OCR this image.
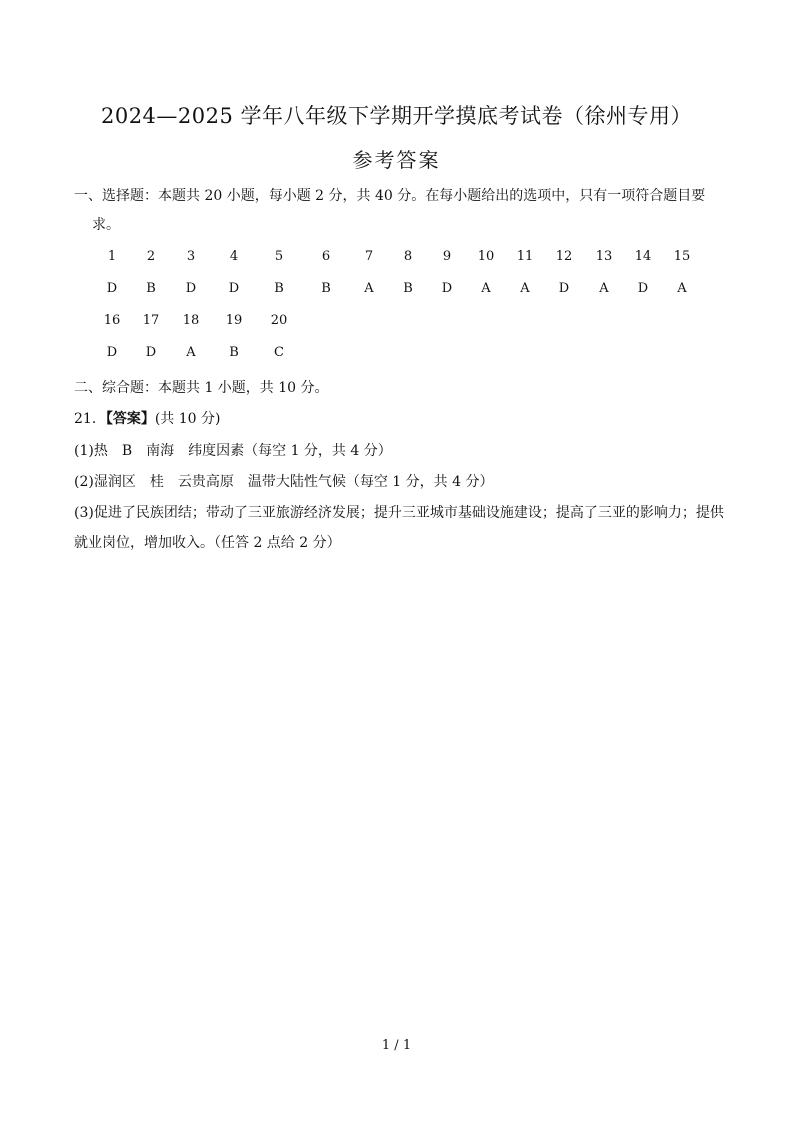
2024—2025 学年八年级下学期开学摸底考试卷（徐州专用）
参考答案
一、选择题：本题共 20 小题，每小题 2 分，共 40 分。在每小题给出的选项中，只有一项符合题目要
求。
1	2	3	4	5	6	7	8	9	10	11	12	13	14	15
D	B	D	D	B	B	A	B	D	A	A	D	A	D	A
16	17	18	19	20
D	D	A	B	C
二、综合题：本题共 1 小题，共 10 分。
21．【答案】(共 10 分)
(1)热　B　南海　纬度因素（每空 1 分，共 4 分）
(2)湿润区　桂　云贵高原　温带大陆性气候（每空 1 分，共 4 分）
(3)促进了民族团结；带动了三亚旅游经济发展；提升三亚城市基础设施建设；提高了三亚的影响力；提供
就业岗位，增加收入。（任答 2 点给 2 分）
1 / 1
